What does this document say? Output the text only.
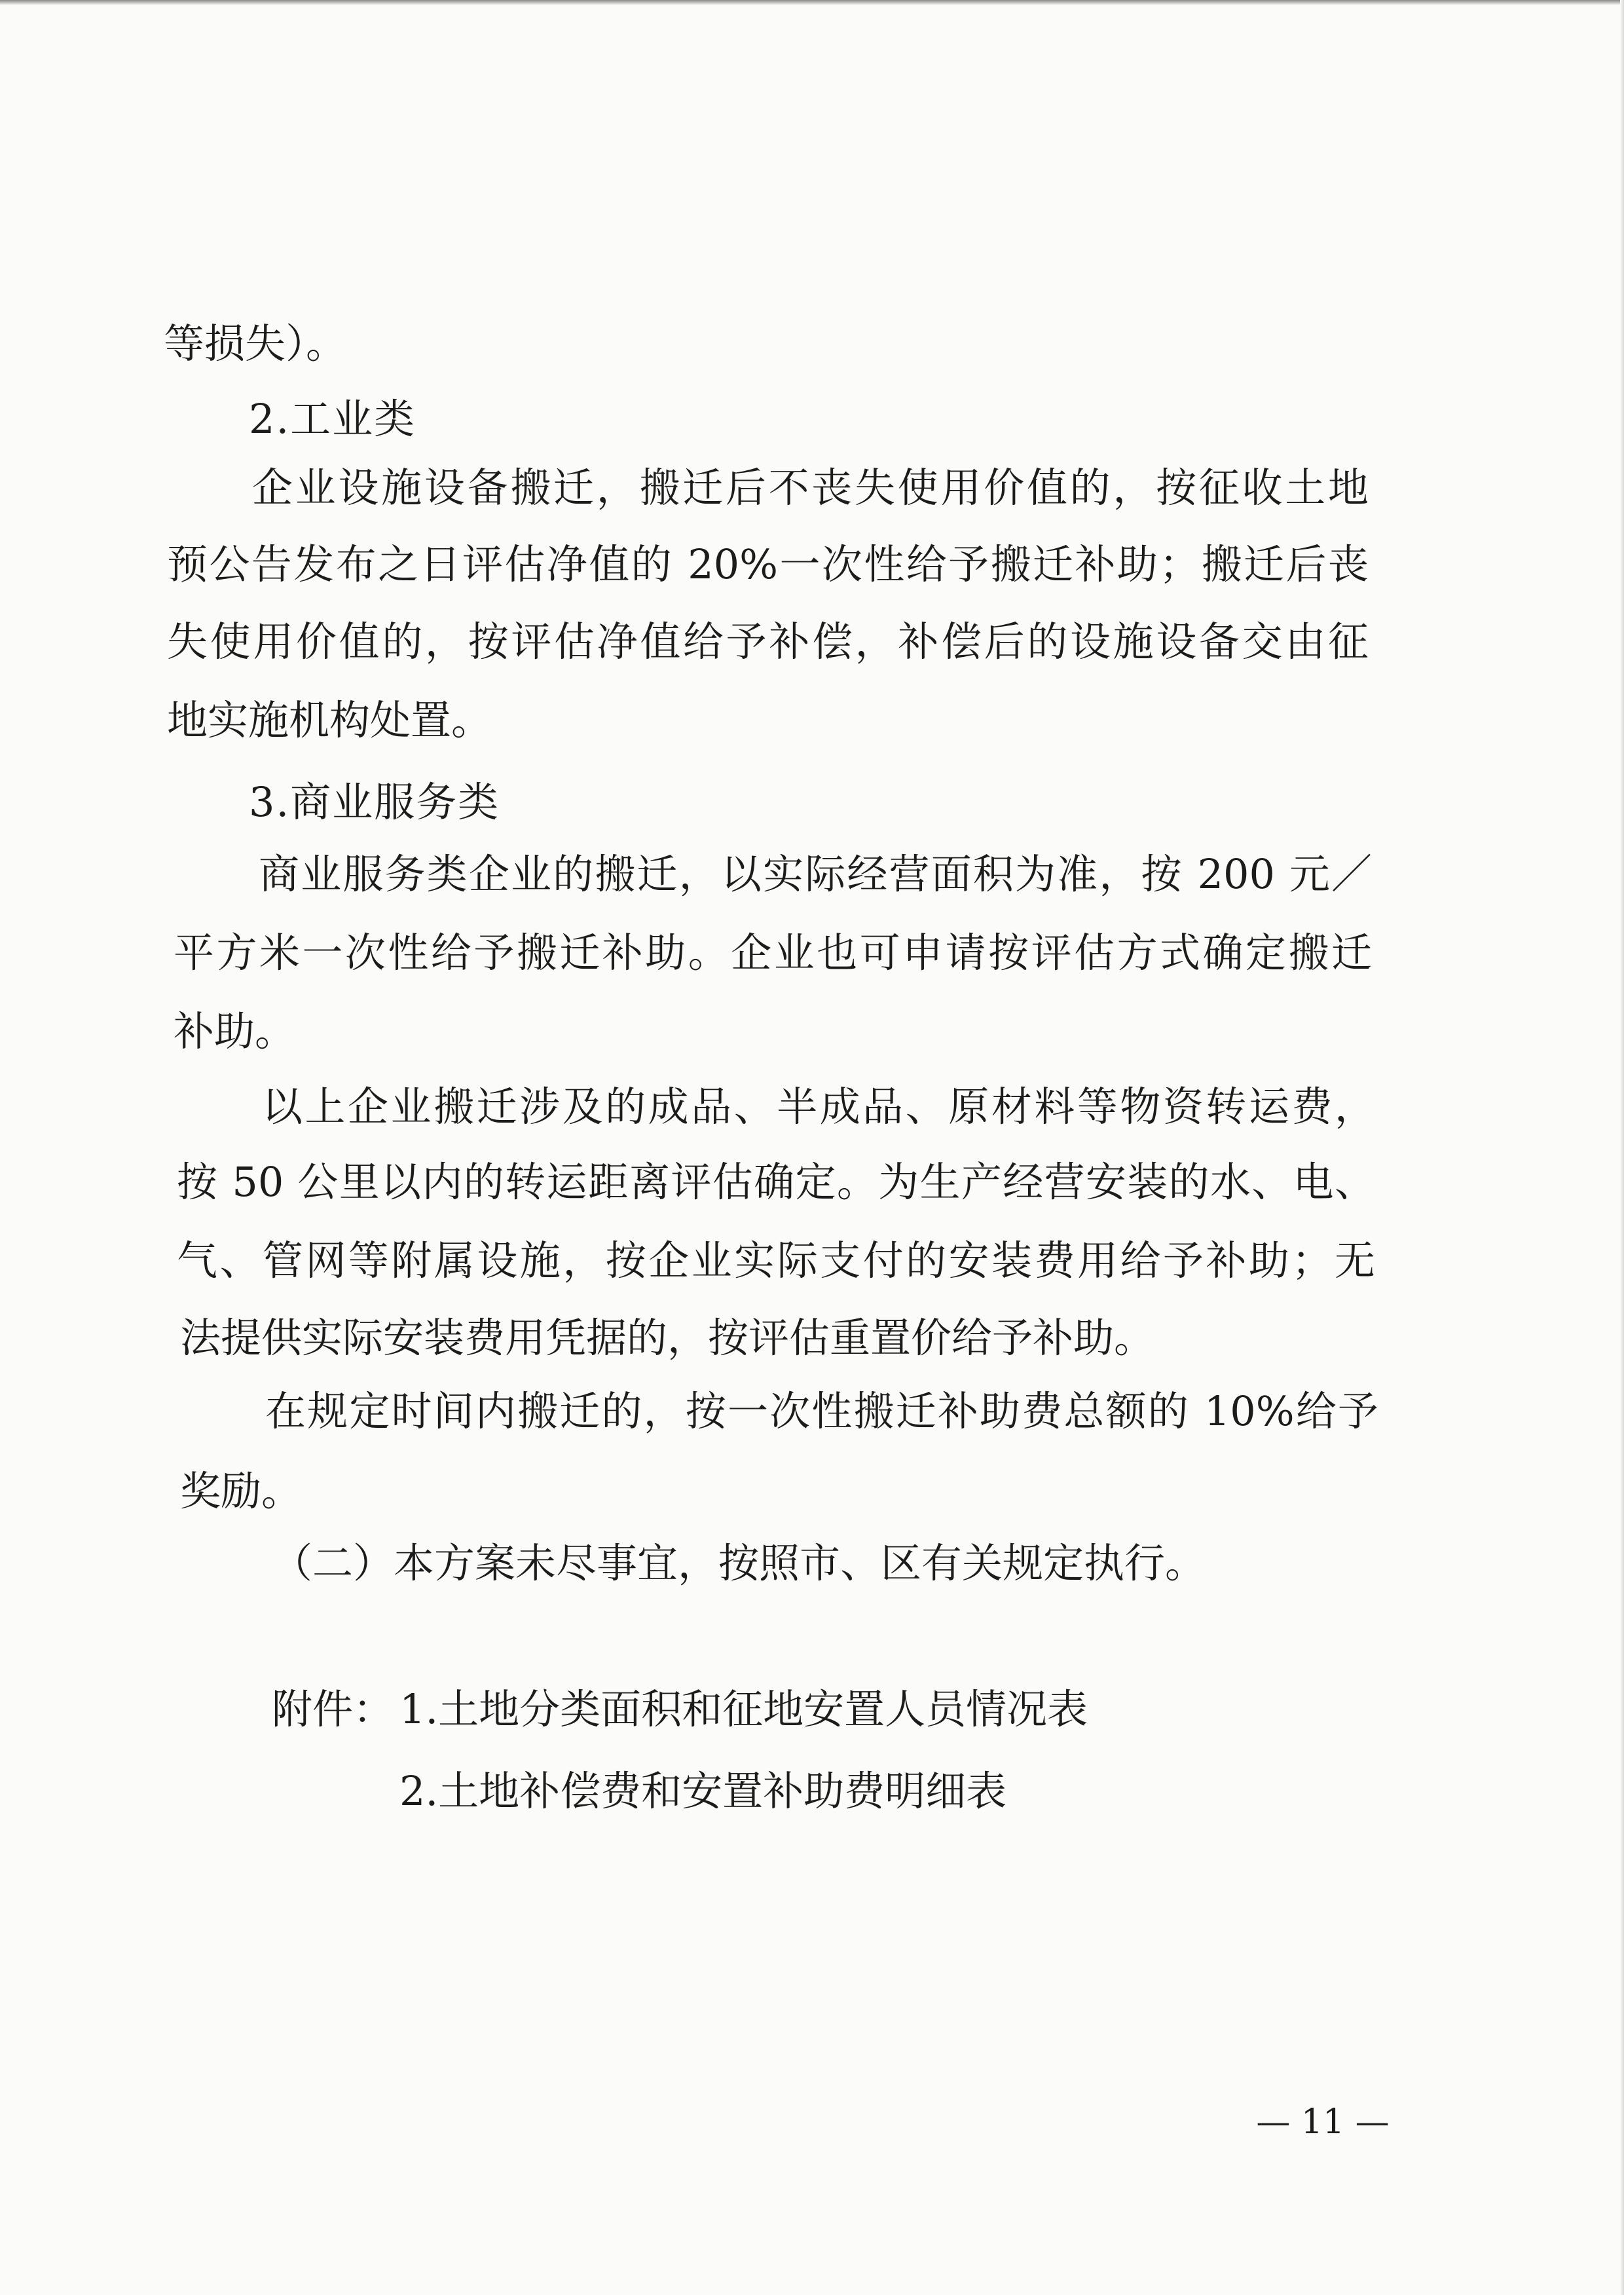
等损失）。

2.工业类

企业设施设备搬迁，搬迁后不丧失使用价值的，按征收土地

预公告发布之日评估净值的 20%一次性给予搬迁补助；搬迁后丧

失使用价值的，按评估净值给予补偿，补偿后的设施设备交由征

地实施机构处置。

3.商业服务类

商业服务类企业的搬迁，以实际经营面积为准，按 200 元／

平方米一次性给予搬迁补助。企业也可申请按评估方式确定搬迁

补助。

以上企业搬迁涉及的成品、半成品、原材料等物资转运费，

按 50 公里以内的转运距离评估确定。为生产经营安装的水、电、

气、管网等附属设施，按企业实际支付的安装费用给予补助；无

法提供实际安装费用凭据的，按评估重置价给予补助。

在规定时间内搬迁的，按一次性搬迁补助费总额的 10%给予

奖励。

（二）本方案未尽事宜，按照市、区有关规定执行。

附件： 1.土地分类面积和征地安置人员情况表

2.土地补偿费和安置补助费明细表

— 11 —
